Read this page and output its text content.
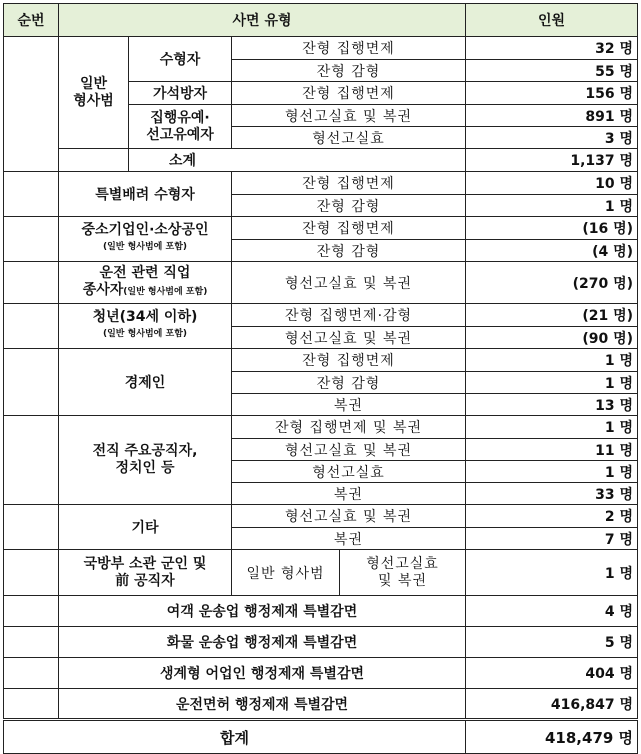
순번	사면 유형				인원

	일반
형사범	수형자	잔형 집행면제		32 명
			잔형 감형		55 명
		가석방자	잔형 집행면제		156 명

		집행유예·
선고유예자	형선고실효 및 복권		891 명
			형선고실효		3 명
		소계			1,137 명
	특별배려 수형자		잔형 집행면제		10 명
			잔형 감형		1 명

	중소기업인·소상공인
(일반 형사범에 포함)		잔형 집행면제		(16 명)
			잔형 감형		(4 명)

	운전 관련 직업
종사자(일반 형사범에 포함)		형선고실효 및 복권		(270 명)

	청년(34세 이하)
(일반 형사범에 포함)		잔형 집행면제·감형		(21 명)
			형선고실효 및 복권		(90 명)
	경제인		잔형 집행면제		1 명
			잔형 감형		1 명
			복권		13 명

	전직 주요공직자,
정치인 등		잔형 집행면제 및 복권		1 명
			형선고실효 및 복권		11 명
			형선고실효		1 명
			복권		33 명
	기타		형선고실효 및 복권		2 명
			복권		7 명

	국방부 소관 군인 및
前 공직자		일반 형사범	형선고실효
및 복권	1 명
	여객 운송업 행정제재 특별감면				4 명
	화물 운송업 행정제재 특별감면				5 명
	생계형 어업인 행정제재 특별감면				404 명
	운전면허 행정제재 특별감면				416,847 명
합계					418,479 명
